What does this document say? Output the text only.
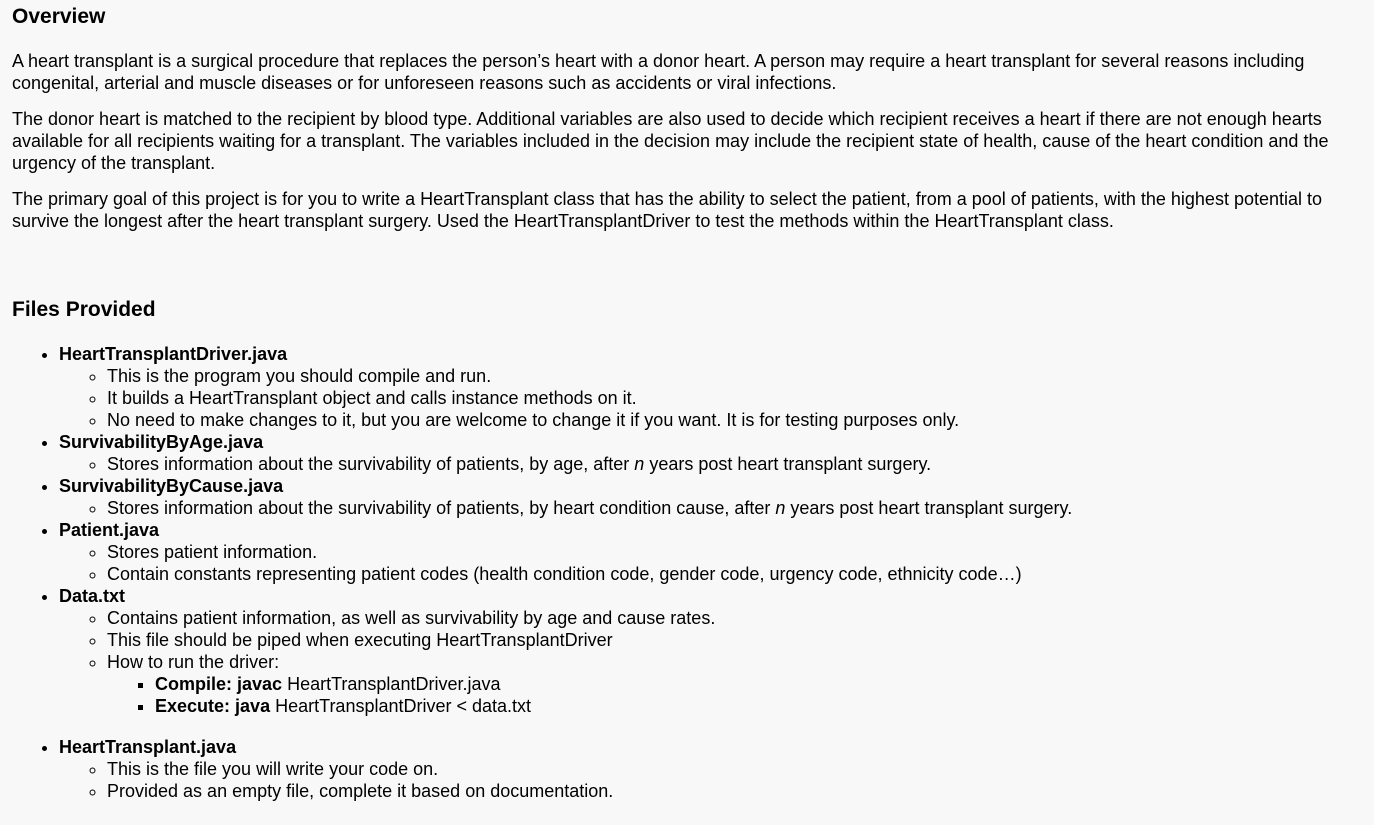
Overview

A heart transplant is a surgical procedure that replaces the person’s heart with a donor heart. A person may require a heart transplant for several reasons including congenital, arterial and muscle diseases or for unforeseen reasons such as accidents or viral infections.

The donor heart is matched to the recipient by blood type. Additional variables are also used to decide which recipient receives a heart if there are not enough hearts available for all recipients waiting for a transplant. The variables included in the decision may include the recipient state of health, cause of the heart condition and the urgency of the transplant.

The primary goal of this project is for you to write a HeartTransplant class that has the ability to select the patient, from a pool of patients, with the highest potential to survive the longest after the heart transplant surgery. Used the HeartTransplantDriver to test the methods within the HeartTransplant class.

Files Provided
• HeartTransplantDriver.java
◦ This is the program you should compile and run.
◦ It builds a HeartTransplant object and calls instance methods on it.
◦ No need to make changes to it, but you are welcome to change it if you want. It is for testing purposes only.
• SurvivabilityByAge.java
◦ Stores information about the survivability of patients, by age, after n years post heart transplant surgery.
• SurvivabilityByCause.java
◦ Stores information about the survivability of patients, by heart condition cause, after n years post heart transplant surgery.
• Patient.java
◦ Stores patient information.
◦ Contain constants representing patient codes (health condition code, gender code, urgency code, ethnicity code…)
• Data.txt
◦ Contains patient information, as well as survivability by age and cause rates.
◦ This file should be piped when executing HeartTransplantDriver
◦ How to run the driver:
▪ Compile: javac HeartTransplantDriver.java
▪ Execute: java HeartTransplantDriver < data.txt
• HeartTransplant.java
◦ This is the file you will write your code on.
◦ Provided as an empty file, complete it based on documentation.
